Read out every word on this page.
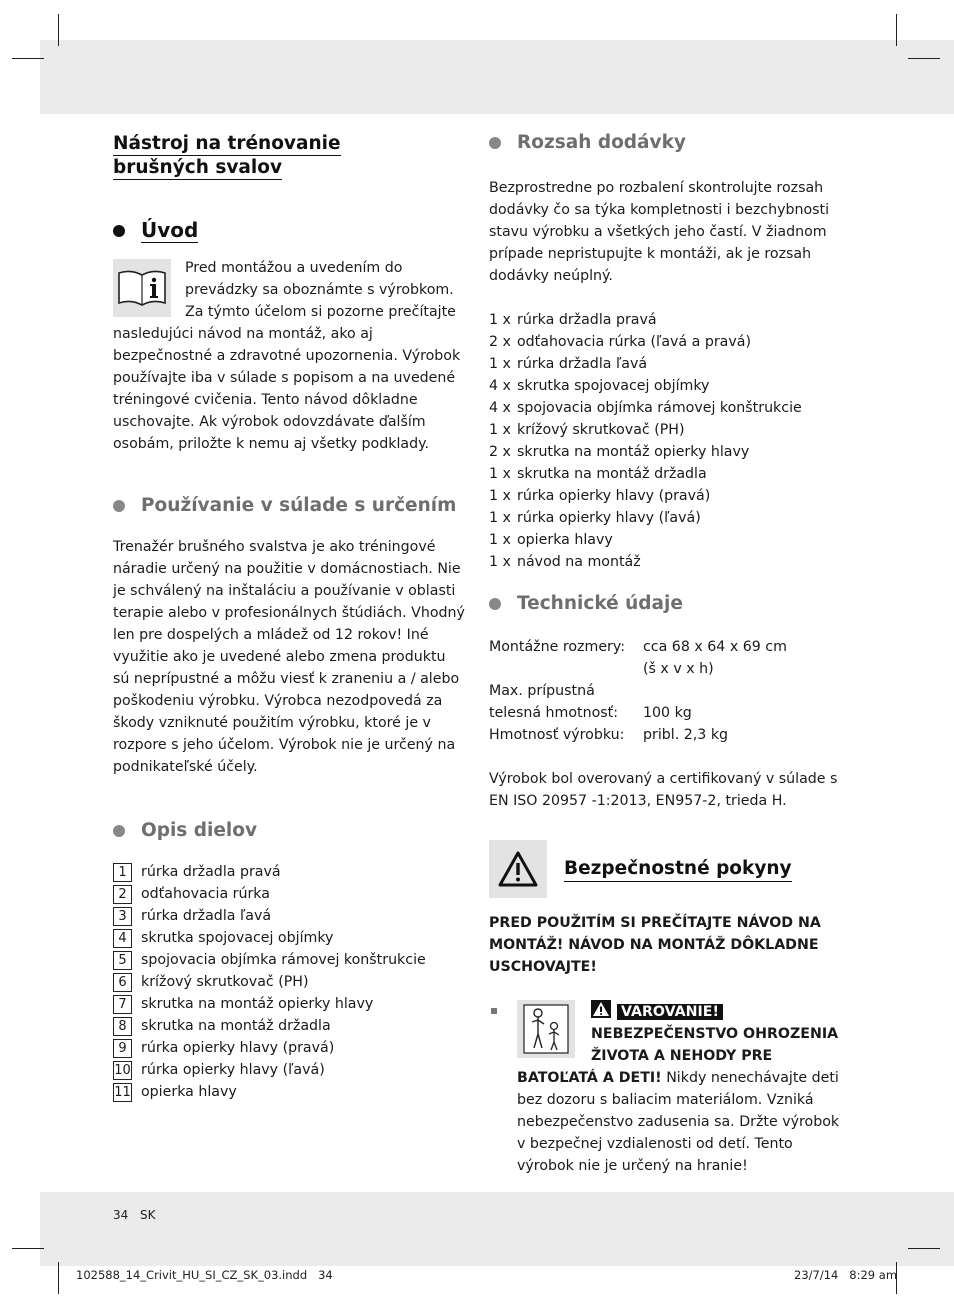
Nástroj na trénovanie
brušných svalov
Úvod

Pred montážou a uvedením do prevádzky sa oboznámte s výrobkom. Za týmto účelom si pozorne prečítajte nasledujúci návod na montáž, ako aj bezpečnostné a zdravotné upozornenia. Výrobok používajte iba v súlade s popisom a na uvedené tréningové cvičenia. Tento návod dôkladne uschovajte. Ak výrobok odovzdávate ďalším osobám, priložte k nemu aj všetky podklady.

Používanie v súlade s určením

Trenažér brušného svalstva je ako tréningové náradie určený na použitie v domácnostiach. Nie je schválený na inštaláciu a používanie v oblasti terapie alebo v profesionálnych štúdiách. Vhodný len pre dospelých a mládež od 12 rokov! Iné využitie ako je uvedené alebo zmena produktu sú neprípustné a môžu viesť k zraneniu a / alebo poškodeniu výrobku. Výrobca nezodpovedá za škody vzniknuté použitím výrobku, ktoré je v rozpore s jeho účelom. Výrobok nie je určený na podnikateľské účely.

Opis dielov
1	rúrka držadla pravá
2	odťahovacia rúrka
3	rúrka držadla ľavá
4	skrutka spojovacej objímky
5	spojovacia objímka rámovej konštrukcie
6	krížový skrutkovač (PH)
7	skrutka na montáž opierky hlavy
8	skrutka na montáž držadla
9	rúrka opierky hlavy (pravá)
10 rúrka opierky hlavy (ľavá)
11 opierka hlavy
Rozsah dodávky

Bezprostredne po rozbalení skontrolujte rozsah dodávky čo sa týka kompletnosti i bezchybnosti stavu výrobku a všetkých jeho častí. V žiadnom prípade nepristupujte k montáži, ak je rozsah dodávky neúplný.

1 x rúrka držadla pravá
2 x odťahovacia rúrka (ľavá a pravá)
1 x rúrka držadla ľavá
4 x skrutka spojovacej objímky
4 x spojovacia objímka rámovej konštrukcie
1 x krížový skrutkovač (PH)
2 x skrutka na montáž opierky hlavy
1 x skrutka na montáž držadla
1 x rúrka opierky hlavy (pravá)
1 x rúrka opierky hlavy (ľavá)
1 x opierka hlavy
1 x návod na montáž
Technické údaje
Montážne rozmery:	cca 68 x 64 x 69 cm
(š x v x h)
Max. prípustná
telesná hmotnosť:	100 kg
Hmotnosť výrobku:	pribl. 2,3 kg

Výrobok bol overovaný a certifikovaný v súlade s EN ISO 20957 -1:2013, EN957-2, trieda H.

Bezpečnostné pokyny

PRED POUŽITÍM SI PREČÍTAJTE NÁVOD NA MONTÁŽ! NÁVOD NA MONTÁŽ DÔKLADNE USCHOVAJTE!

VAROVANIE! NEBEZPEČENSTVO OHROZENIA ŽIVOTA A NEHODY PRE BATOĽATÁ A DETI! Nikdy nenechávajte deti bez dozoru s baliacim materiálom. Vzniká nebezpečenstvo zadusenia sa. Držte výrobok v bezpečnej vzdialenosti od detí. Tento výrobok nie je určený na hranie!
34 SK
102588_14_Crivit_HU_SI_CZ_SK_03.indd   34	23/7/14   8:29 am
